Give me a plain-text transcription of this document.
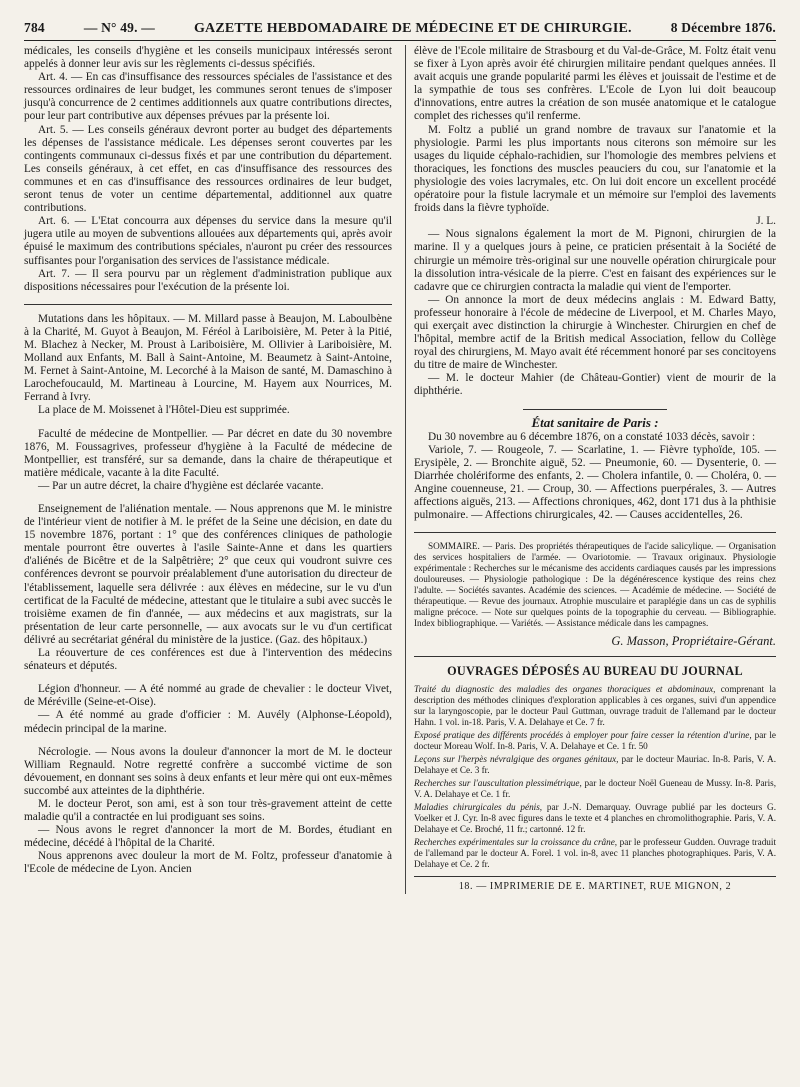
784	— N° 49. —	GAZETTE HEBDOMADAIRE DE MÉDECINE ET DE CHIRURGIE.	8 Décembre 1876.

médicales, les conseils d'hygiène et les conseils municipaux intéressés seront appelés à donner leur avis sur les règlements ci-dessus spécifiés.

Art. 4. — En cas d'insuffisance des ressources spéciales de l'assistance et des ressources ordinaires de leur budget, les communes seront tenues de s'imposer jusqu'à concurrence de 2 centimes additionnels aux quatre contributions directes, pour leur part contributive aux dépenses prévues par la présente loi.

Art. 5. — Les conseils généraux devront porter au budget des départements les dépenses de l'assistance médicale. Les dépenses seront couvertes par les contingents communaux ci-dessus fixés et par une contribution du département. Les conseils généraux, à cet effet, en cas d'insuffisance des ressources des communes et en cas d'insuffisance des ressources ordinaires de leur budget, seront tenus de voter un centime départemental, additionnel aux quatre contributions.

Art. 6. — L'Etat concourra aux dépenses du service dans la mesure qu'il jugera utile au moyen de subventions allouées aux départements qui, après avoir épuisé le maximum des contributions spéciales, n'auront pu créer des ressources suffisantes pour l'organisation des services de l'assistance médicale.

Art. 7. — Il sera pourvu par un règlement d'administration publique aux dispositions nécessaires pour l'exécution de la présente loi.

Mutations dans les hôpitaux. — M. Millard passe à Beaujon, M. Laboulbène à la Charité, M. Guyot à Beaujon, M. Féréol à Lariboisière, M. Peter à la Pitié, M. Blachez à Necker, M. Proust à Lariboisière, M. Ollivier à Lariboisière, M. Molland aux Enfants, M. Ball à Saint-Antoine, M. Beaumetz à Saint-Antoine, M. Fernet à Saint-Antoine, M. Lecorché à la Maison de santé, M. Damaschino à Larochefoucauld, M. Martineau à Lourcine, M. Hayem aux Nourrices, M. Ferrand à Ivry.

La place de M. Moissenet à l'Hôtel-Dieu est supprimée.

Faculté de médecine de Montpellier. — Par décret en date du 30 novembre 1876, M. Foussagrives, professeur d'hygiène à la Faculté de médecine de Montpellier, est transféré, sur sa demande, dans la chaire de thérapeutique et matière médicale, vacante à la dite Faculté.

— Par un autre décret, la chaire d'hygiène est déclarée vacante.

Enseignement de l'aliénation mentale. — Nous apprenons que M. le ministre de l'intérieur vient de notifier à M. le préfet de la Seine une décision, en date du 15 novembre 1876, portant : 1° que des conférences cliniques de pathologie mentale pourront être ouvertes à l'asile Sainte-Anne et dans les quartiers d'aliénés de Bicêtre et de la Salpêtrière; 2° que ceux qui voudront suivre ces conférences devront se pourvoir préalablement d'une autorisation du directeur de l'établissement, laquelle sera délivrée : aux élèves en médecine, sur le vu d'un certificat de la Faculté de médecine, attestant que le titulaire a subi avec succès le troisième examen de fin d'année, — aux médecins et aux magistrats, sur la présentation de leur carte personnelle, — aux avocats sur le vu d'un certificat délivré au secrétariat général du ministère de la justice. (Gaz. des hôpitaux.)

La réouverture de ces conférences est due à l'intervention des médecins sénateurs et députés.

Légion d'honneur. — A été nommé au grade de chevalier : le docteur Vivet, de Méréville (Seine-et-Oise).

— A été nommé au grade d'officier : M. Auvély (Alphonse-Léopold), médecin principal de la marine.

Nécrologie. — Nous avons la douleur d'annoncer la mort de M. le docteur William Regnauld. Notre regretté confrère a succombé victime de son dévouement, en donnant ses soins à deux enfants et leur mère qui ont eux-mêmes succombé aux atteintes de la diphthérie.

M. le docteur Perot, son ami, est à son tour très-gravement atteint de cette maladie qu'il a contractée en lui prodiguant ses soins.

— Nous avons le regret d'annoncer la mort de M. Bordes, étudiant en médecine, décédé à l'hôpital de la Charité.

Nous apprenons avec douleur la mort de M. Foltz, professeur d'anatomie à l'Ecole de médecine de Lyon. Ancien

élève de l'Ecole militaire de Strasbourg et du Val-de-Grâce, M. Foltz était venu se fixer à Lyon après avoir été chirurgien militaire pendant quelques années. Il avait acquis une grande popularité parmi les élèves et jouissait de l'estime et de la sympathie de tous ses confrères. L'Ecole de Lyon lui doit beaucoup d'innovations, entre autres la création de son musée anatomique et le catalogue complet des richesses qu'il renferme.

M. Foltz a publié un grand nombre de travaux sur l'anatomie et la physiologie. Parmi les plus importants nous citerons son mémoire sur les usages du liquide céphalo-rachidien, sur l'homologie des membres pelviens et thoraciques, les fonctions des muscles peauciers du cou, sur l'anatomie et la physiologie des voies lacrymales, etc. On lui doit encore un excellent procédé opératoire pour la fistule lacrymale et un mémoire sur l'emploi des lavements froids dans la fièvre typhoïde.

J. L.

— Nous signalons également la mort de M. Pignoni, chirurgien de la marine. Il y a quelques jours à peine, ce praticien présentait à la Société de chirurgie un mémoire très-original sur une nouvelle opération chirurgicale pour la dissolution intra-vésicale de la pierre. C'est en faisant des expériences sur le cadavre que ce chirurgien contracta la maladie qui vient de l'emporter.

— On annonce la mort de deux médecins anglais : M. Edward Batty, professeur honoraire à l'école de médecine de Liverpool, et M. Charles Mayo, qui exerçait avec distinction la chirurgie à Winchester. Chirurgien en chef de l'hôpital, membre actif de la British medical Association, fellow du Collège royal des chirurgiens, M. Mayo avait été récemment honoré par ses concitoyens du titre de maire de Winchester.

— M. le docteur Mahier (de Château-Gontier) vient de mourir de la diphthérie.

État sanitaire de Paris :

Du 30 novembre au 6 décembre 1876, on a constaté 1033 décès, savoir :

Variole, 7. — Rougeole, 7. — Scarlatine, 1. — Fièvre typhoïde, 105. — Erysipèle, 2. — Bronchite aiguë, 52. — Pneumonie, 60. — Dysenterie, 0. — Diarrhée cholériforme des enfants, 2. — Cholera infantile, 0. — Choléra, 0. — Angine couenneuse, 21. — Croup, 30. — Affections puerpérales, 3. — Autres affections aiguës, 213. — Affections chroniques, 462, dont 171 dus à la phthisie pulmonaire. — Affections chirurgicales, 42. — Causes accidentelles, 26.

SOMMAIRE. — Paris. Des propriétés thérapeutiques de l'acide salicylique. — Organisation des services hospitaliers de l'armée. — Ovariotomie. — Travaux originaux. Physiologie expérimentale : Recherches sur le mécanisme des accidents cardiaques causés par les impressions douloureuses. — Physiologie pathologique : De la dégénérescence kystique des reins chez l'adulte. — Sociétés savantes. Académie des sciences. — Académie de médecine. — Société de thérapeutique. — Revue des journaux. Atrophie musculaire et paraplégie dans un cas de syphilis maligne précoce. — Note sur quelques points de la topographie du cerveau. — Bibliographie. Index bibliographique. — Variétés. — Assistance médicale dans les campagnes.

G. Masson, Propriétaire-Gérant.
OUVRAGES DÉPOSÉS AU BUREAU DU JOURNAL

Traité du diagnostic des maladies des organes thoraciques et abdominaux, comprenant la description des méthodes cliniques d'exploration applicables à ces organes, suivi d'un appendice sur la laryngoscopie, par le docteur Paul Guttman, ouvrage traduit de l'allemand par le docteur Hahn. 1 vol. in-18. Paris, V. A. Delahaye et Ce. 7 fr.

Exposé pratique des différents procédés à employer pour faire cesser la rétention d'urine, par le docteur Moreau Wolf. In-8. Paris, V. A. Delahaye et Ce. 1 fr. 50

Leçons sur l'herpès névralgique des organes génitaux, par le docteur Mauriac. In-8. Paris, V. A. Delahaye et Ce. 3 fr.

Recherches sur l'auscultation plessimétrique, par le docteur Noël Gueneau de Mussy. In-8. Paris, V. A. Delahaye et Ce. 1 fr.

Maladies chirurgicales du pénis, par J.-N. Demarquay. Ouvrage publié par les docteurs G. Voelker et J. Cyr. In-8 avec figures dans le texte et 4 planches en chromolithographie. Paris, V. A. Delahaye et Ce. Broché, 11 fr.; cartonné. 12 fr.

Recherches expérimentales sur la croissance du crâne, par le professeur Gudden. Ouvrage traduit de l'allemand par le docteur A. Forel. 1 vol. in-8, avec 11 planches photographiques. Paris, V. A. Delahaye et Ce. 2 fr.

18. — IMPRIMERIE DE E. MARTINET, RUE MIGNON, 2
